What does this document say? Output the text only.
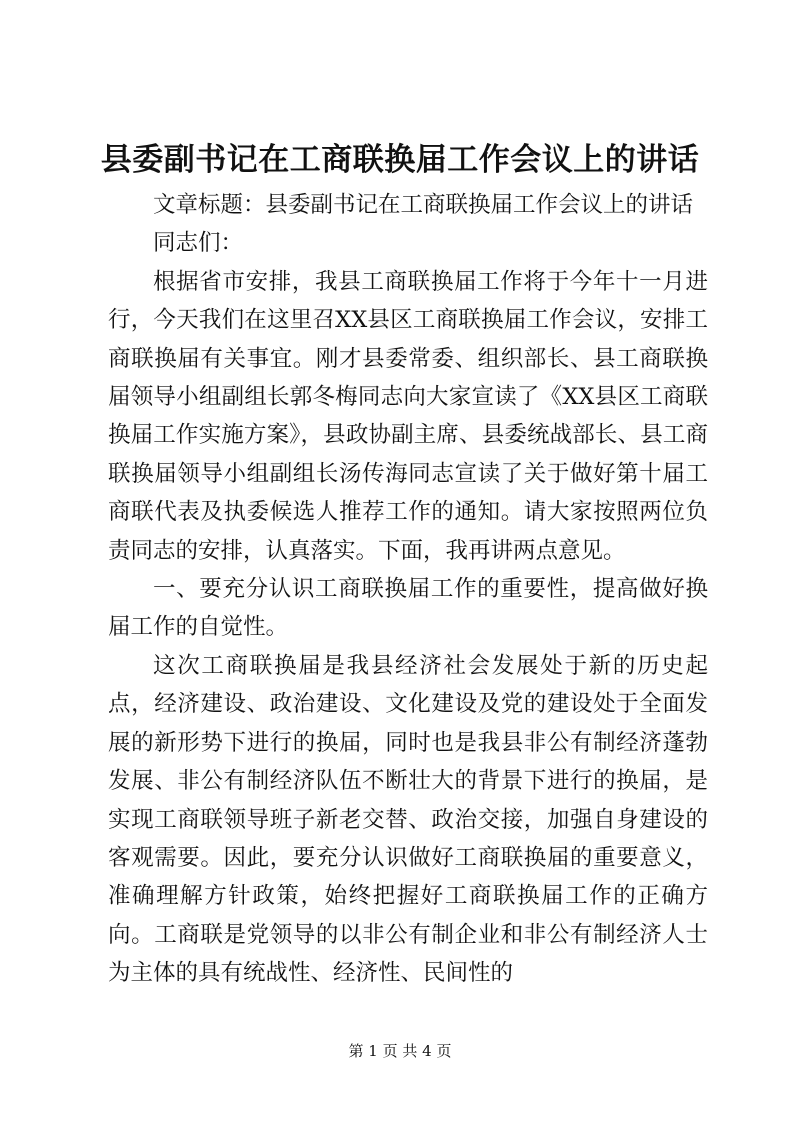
县委副书记在工商联换届工作会议上的讲话

文章标题：县委副书记在工商联换届工作会议上的讲话

同志们：

根据省市安排，我县工商联换届工作将于今年十一月进行，今天我们在这里召XX县区工商联换届工作会议，安排工商联换届有关事宜。刚才县委常委、组织部长、县工商联换届领导小组副组长郭冬梅同志向大家宣读了《XX县区工商联换届工作实施方案》，县政协副主席、县委统战部长、县工商联换届领导小组副组长汤传海同志宣读了关于做好第十届工商联代表及执委候选人推荐工作的通知。请大家按照两位负责同志的安排，认真落实。下面，我再讲两点意见。

一、要充分认识工商联换届工作的重要性，提高做好换届工作的自觉性。

这次工商联换届是我县经济社会发展处于新的历史起点，经济建设、政治建设、文化建设及党的建设处于全面发展的新形势下进行的换届，同时也是我县非公有制经济蓬勃发展、非公有制经济队伍不断壮大的背景下进行的换届，是实现工商联领导班子新老交替、政治交接，加强自身建设的客观需要。因此，要充分认识做好工商联换届的重要意义，准确理解方针政策，始终把握好工商联换届工作的正确方向。工商联是党领导的以非公有制企业和非公有制经济人士为主体的具有统战性、经济性、民间性的

第 1 页 共 4 页
